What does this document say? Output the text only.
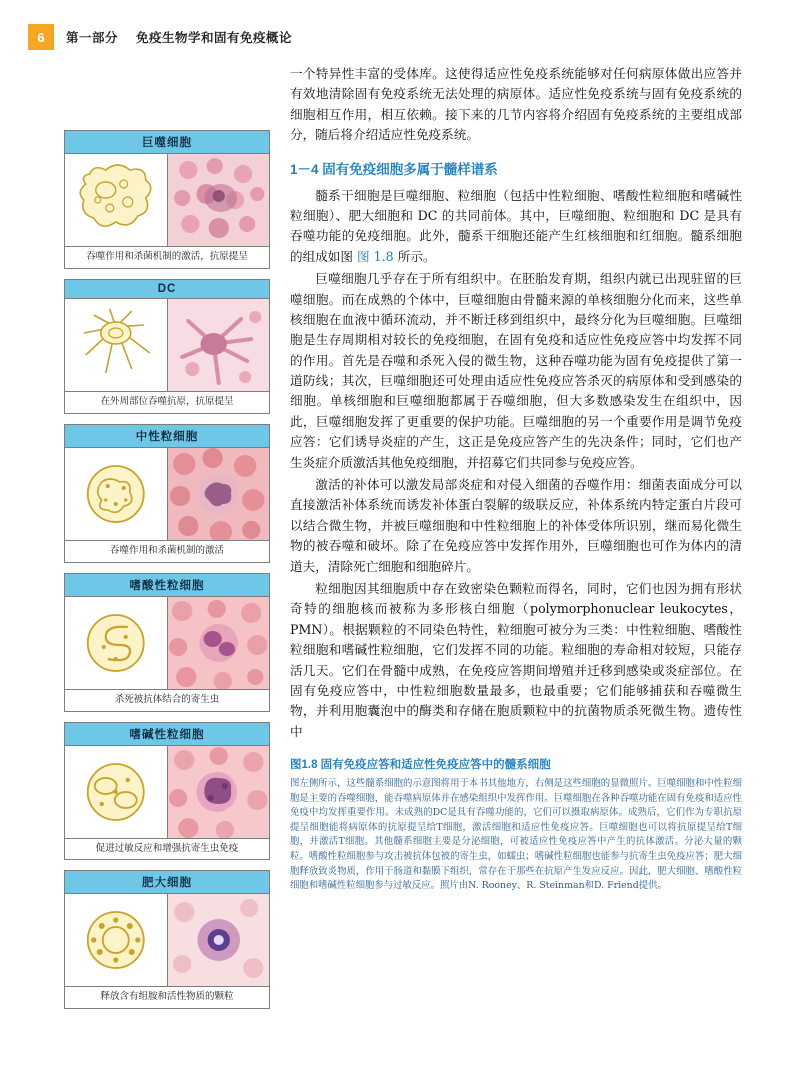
6	第一部分 免疫生物学和固有免疫概论
巨噬细胞
吞噬作用和杀菌机制的激活，抗原提呈
DC
在外周部位吞噬抗原，抗原提呈
中性粒细胞
吞噬作用和杀菌机制的激活
嗜酸性粒细胞
杀死被抗体结合的寄生虫
嗜碱性粒细胞
促进过敏反应和增强抗寄生虫免疫
肥大细胞
释放含有组胺和活性物质的颗粒

一个特异性丰富的受体库。这使得适应性免疫系统能够对任何病原体做出应答并有效地清除固有免疫系统无法处理的病原体。适应性免疫系统与固有免疫系统的细胞相互作用，相互依赖。接下来的几节内容将介绍固有免疫系统的主要组成部分，随后将介绍适应性免疫系统。

1－4 固有免疫细胞多属于髓样谱系

髓系干细胞是巨噬细胞、粒细胞（包括中性粒细胞、嗜酸性粒细胞和嗜碱性粒细胞）、肥大细胞和 DC 的共同前体。其中，巨噬细胞、粒细胞和 DC 是具有吞噬功能的免疫细胞。此外，髓系干细胞还能产生红核细胞和红细胞。髓系细胞的组成如图 图 1.8 所示。

巨噬细胞几乎存在于所有组织中。在胚胎发育期，组织内就已出现驻留的巨噬细胞。而在成熟的个体中，巨噬细胞由骨髓来源的单核细胞分化而来，这些单核细胞在血液中循环流动，并不断迁移到组织中，最终分化为巨噬细胞。巨噬细胞是生存周期相对较长的免疫细胞，在固有免疫和适应性免疫应答中均发挥不同的作用。首先是吞噬和杀死入侵的微生物，这种吞噬功能为固有免疫提供了第一道防线；其次，巨噬细胞还可处理由适应性免疫应答杀灭的病原体和受到感染的细胞。单核细胞和巨噬细胞都属于吞噬细胞，但大多数感染发生在组织中，因此，巨噬细胞发挥了更重要的保护功能。巨噬细胞的另一个重要作用是调节免疫应答：它们诱导炎症的产生，这正是免疫应答产生的先决条件；同时，它们也产生炎症介质激活其他免疫细胞，并招募它们共同参与免疫应答。

激活的补体可以激发局部炎症和对侵入细菌的吞噬作用：细菌表面成分可以直接激活补体系统而诱发补体蛋白裂解的级联反应，补体系统内特定蛋白片段可以结合微生物，并被巨噬细胞和中性粒细胞上的补体受体所识别，继而易化微生物的被吞噬和破坏。除了在免疫应答中发挥作用外，巨噬细胞也可作为体内的清道夫，清除死亡细胞和细胞碎片。

粒细胞因其细胞质中存在致密染色颗粒而得名，同时，它们也因为拥有形状奇特的细胞核而被称为多形核白细胞（polymorphonuclear leukocytes，PMN）。根据颗粒的不同染色特性，粒细胞可被分为三类：中性粒细胞、嗜酸性粒细胞和嗜碱性粒细胞，它们发挥不同的功能。粒细胞的寿命相对较短，只能存活几天。它们在骨髓中成熟，在免疫应答期间增殖并迁移到感染或炎症部位。在固有免疫应答中，中性粒细胞数量最多，也最重要；它们能够捕获和吞噬微生物，并利用胞囊泡中的酶类和存储在胞质颗粒中的抗菌物质杀死微生物。遗传性中

图1.8 固有免疫应答和适应性免疫应答中的髓系细胞
图左侧所示，这些髓系细胞的示意图将用于本书其他地方，右侧是这些细胞的显微照片。巨噬细胞和中性粒细胞是主要的吞噬细胞，能吞噬病原体并在感染组织中发挥作用。巨噬细胞在各种吞噬功能在固有免疫和适应性免疫中均发挥重要作用。未成熟的DC是具有吞噬功能的，它们可以摄取病原体。成熟后，它们作为专职抗原提呈细胞能将病原体的抗原提呈给T细胞，激活细胞和适应性免疫应答。巨噬细胞也可以将抗原提呈给T细胞，并激活T细胞。其他髓系细胞主要是分泌细胞，可被适应性免疫应答中产生的抗体激活。分泌大量的颗粒。嗜酸性粒细胞参与攻击被抗体包被的寄生虫，如蠕虫；嗜碱性粒细胞也能参与抗寄生虫免疫应答；肥大细胞释放致炎物质，作用于肠道和黏膜下组织，常存在于那些在抗原产生发应反应。因此，肥大细胞、嗜酸性粒细胞和嗜碱性粒细胞参与过敏反应。照片由N. Rooney、R. Steinman和D. Friend提供。
